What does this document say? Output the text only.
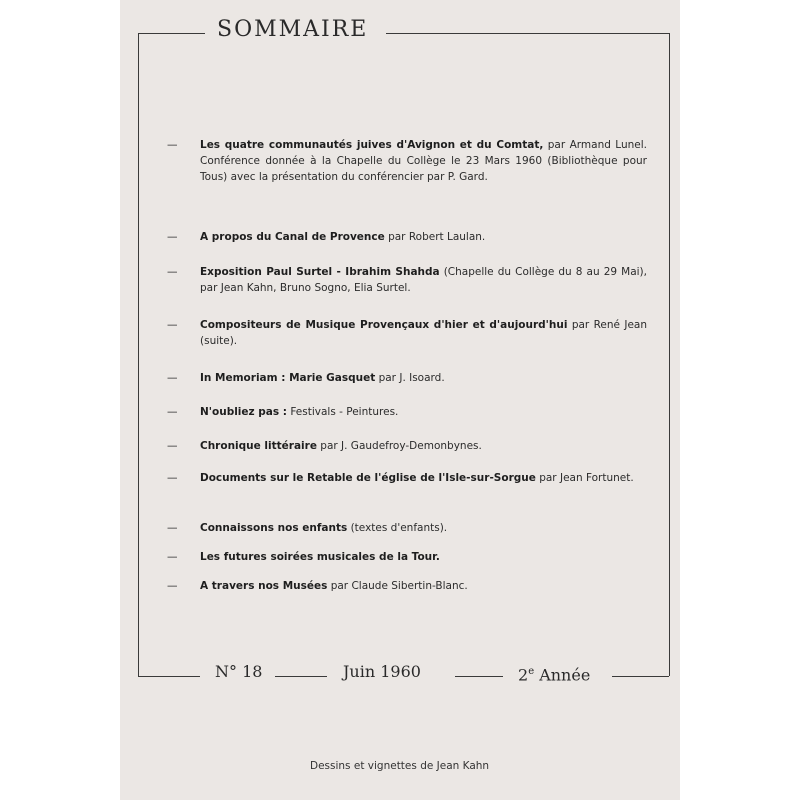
SOMMAIRE
—	Les quatre communautés juives d'Avignon et du Comtat, par Armand Lunel. Conférence donnée à la Chapelle du Collège le 23 Mars 1960 (Bibliothèque pour Tous) avec la présentation du conférencier par P. Gard.
—	A propos du Canal de Provence par Robert Laulan.
—	Exposition Paul Surtel - Ibrahim Shahda (Chapelle du Collège du 8 au 29 Mai), par Jean Kahn, Bruno Sogno, Elia Surtel.
—	Compositeurs de Musique Provençaux d'hier et d'aujourd'hui par René Jean (suite).
—	In Memoriam : Marie Gasquet par J. Isoard.
—	N'oubliez pas : Festivals - Peintures.
—	Chronique littéraire par J. Gaudefroy-Demonbynes.
—	Documents sur le Retable de l'église de l'Isle-sur-Sorgue par Jean Fortunet.
—	Connaissons nos enfants (textes d'enfants).
—	Les futures soirées musicales de la Tour.
—	A travers nos Musées par Claude Sibertin-Blanc.
N° 18	Juin 1960	2e Année
Dessins et vignettes de Jean Kahn
